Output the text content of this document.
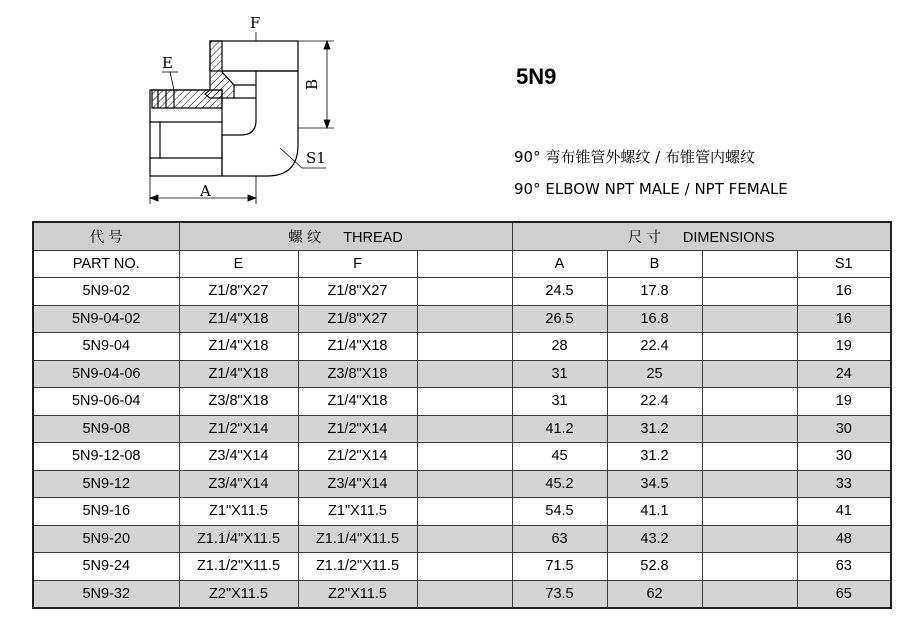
F
E
A
S1
B	5N9
90° 弯布锥管外螺纹 / 布锥管内螺纹
90° ELBOW NPT MALE / NPT FEMALE
代 号	螺 纹 THREAD			尺 寸 DIMENSIONS			
PART NO.	E	F		A	B		S1
5N9-02	Z1/8"X27	Z1/8"X27		24.5	17.8		16
5N9-04-02	Z1/4"X18	Z1/8"X27		26.5	16.8		16
5N9-04	Z1/4"X18	Z1/4"X18		28	22.4		19
5N9-04-06	Z1/4"X18	Z3/8"X18		31	25		24
5N9-06-04	Z3/8"X18	Z1/4"X18		31	22.4		19
5N9-08	Z1/2"X14	Z1/2"X14		41.2	31.2		30
5N9-12-08	Z3/4"X14	Z1/2"X14		45	31.2		30
5N9-12	Z3/4"X14	Z3/4"X14		45.2	34.5		33
5N9-16	Z1"X11.5	Z1"X11.5		54.5	41.1		41
5N9-20	Z1.1/4"X11.5	Z1.1/4"X11.5		63	43.2		48
5N9-24	Z1.1/2"X11.5	Z1.1/2"X11.5		71.5	52.8		63
5N9-32	Z2"X11.5	Z2"X11.5		73.5	62		65
